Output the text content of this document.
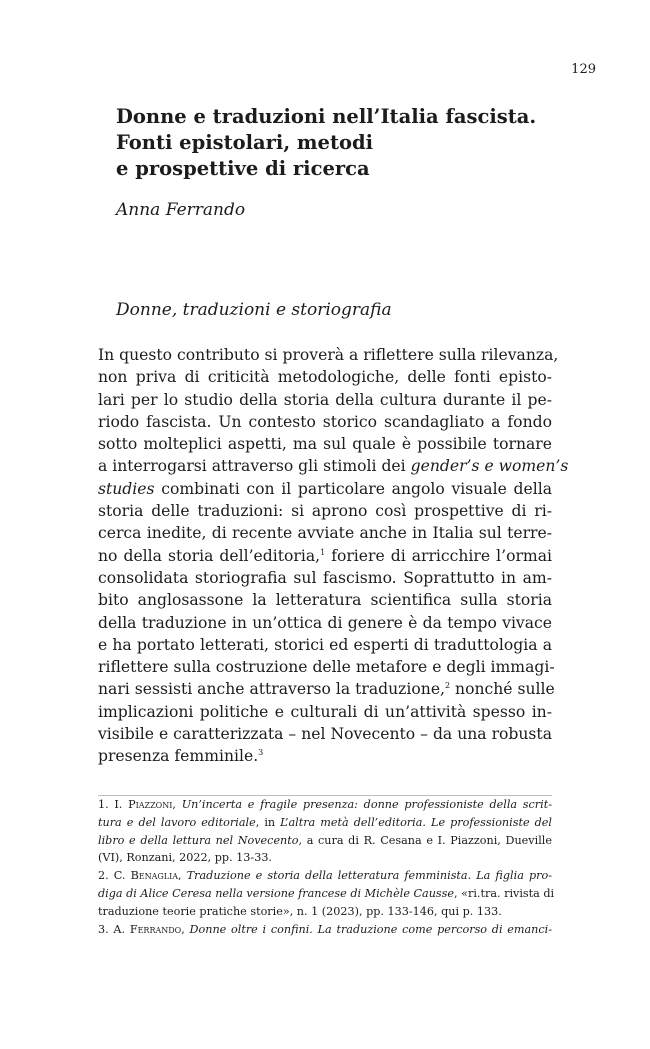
129
Donne e traduzioni nell’Italia fascista.
Fonti epistolari, metodi
e prospettive di ricerca
Anna Ferrando
Donne, traduzioni e storiografia
In questo contributo si proverà a riflettere sulla rilevanza,
non priva di criticità metodologiche, delle fonti episto-
lari per lo studio della storia della cultura durante il pe-
riodo fascista. Un contesto storico scandagliato a fondo
sotto molteplici aspetti, ma sul quale è possibile tornare
a interrogarsi attraverso gli stimoli dei gender’s e women’s
studies combinati con il particolare angolo visuale della
storia delle traduzioni: si aprono così prospettive di ri-
cerca inedite, di recente avviate anche in Italia sul terre-
no della storia dell’editoria,$^1$ foriere di arricchire l’ormai
consolidata storiografia sul fascismo. Soprattutto in am-
bito anglosassone la letteratura scientifica sulla storia
della traduzione in un’ottica di genere è da tempo vivace
e ha portato letterati, storici ed esperti di traduttologia a
riflettere sulla costruzione delle metafore e degli immagi-
nari sessisti anche attraverso la traduzione,$^2$ nonché sulle
implicazioni politiche e culturali di un’attività spesso in-
visibile e caratterizzata – nel Novecento – da una robusta
presenza femminile.$^3$
1. I. Piazzoni, Un’incerta e fragile presenza: donne professioniste della scrit-
tura e del lavoro editoriale, in L’altra metà dell’editoria. Le professioniste del
libro e della lettura nel Novecento, a cura di R. Cesana e I. Piazzoni, Dueville
(VI), Ronzani, 2022, pp. 13-33.
2. C. Benaglia, Traduzione e storia della letteratura femminista. La figlia pro-
diga di Alice Ceresa nella versione francese di Michèle Causse, «ri.tra. rivista di
traduzione teorie pratiche storie», n. 1 (2023), pp. 133-146, qui p. 133.
3. A. Ferrando, Donne oltre i confini. La traduzione come percorso di emanci-
